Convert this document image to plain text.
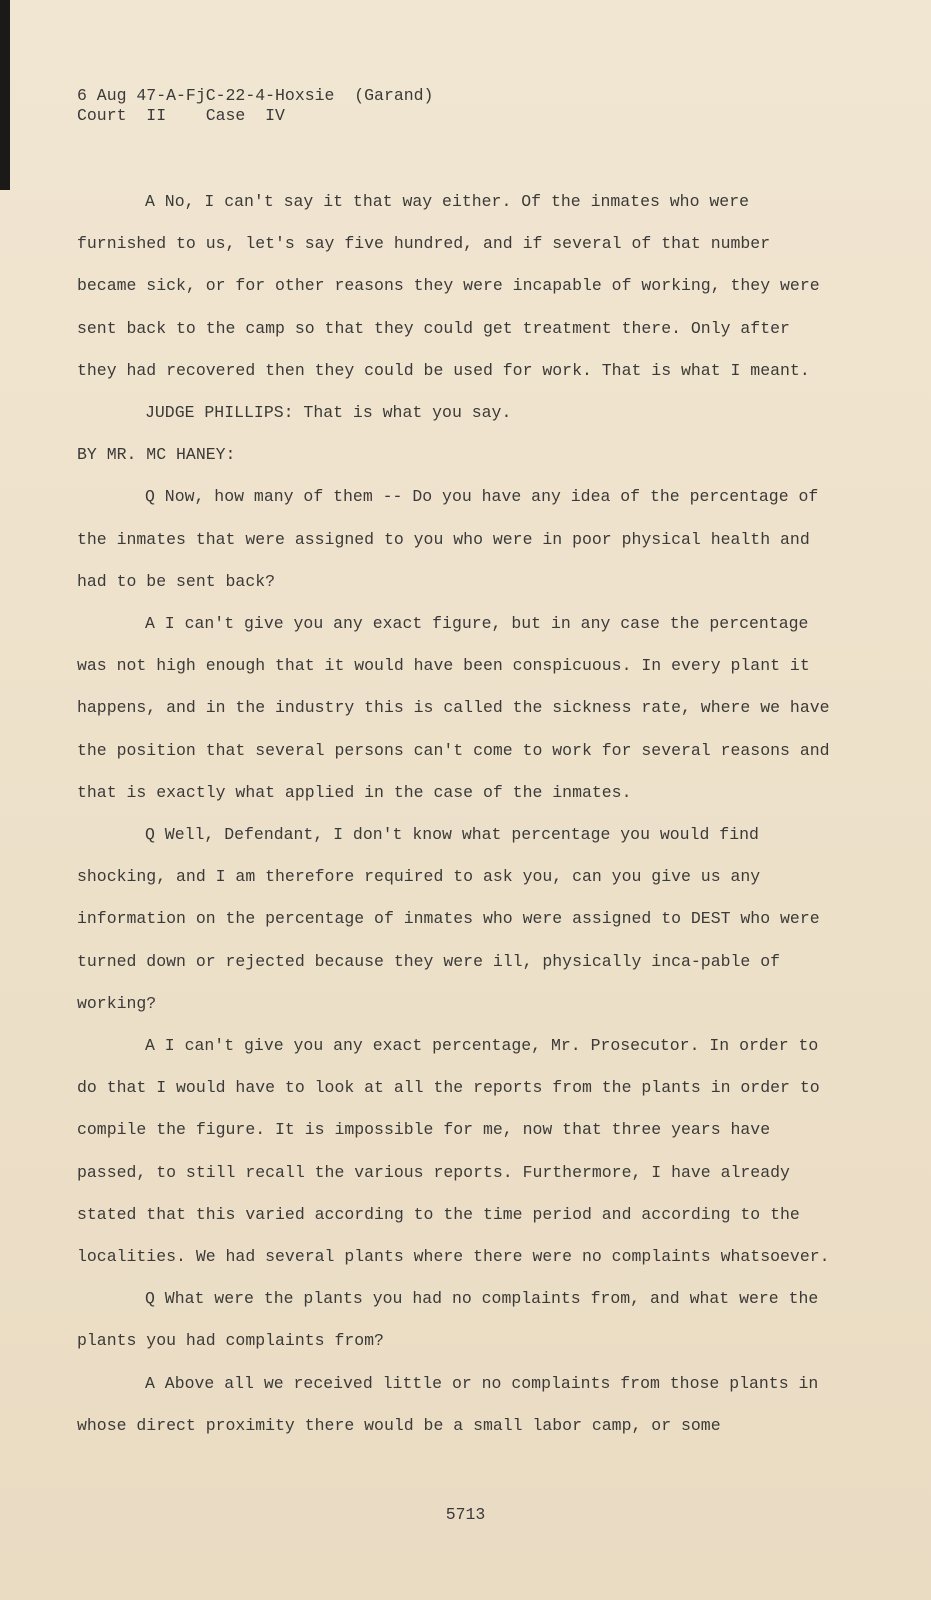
6 Aug 47-A-FjC-22-4-Hoxsie  (Garand)
Court  II    Case  IV

A No, I can't say it that way either. Of the inmates who were furnished to us, let's say five hundred, and if several of that number became sick, or for other reasons they were incapable of working, they were sent back to the camp so that they could get treatment there. Only after they had recovered then they could be used for work. That is what I meant.

JUDGE PHILLIPS: That is what you say.

BY MR. MC HANEY:

Q Now, how many of them -- Do you have any idea of the percentage of the inmates that were assigned to you who were in poor physical health and had to be sent back?

A I can't give you any exact figure, but in any case the percentage was not high enough that it would have been conspicuous. In every plant it happens, and in the industry this is called the sickness rate, where we have the position that several persons can't come to work for several reasons and that is exactly what applied in the case of the inmates.

Q Well, Defendant, I don't know what percentage you would find shocking, and I am therefore required to ask you, can you give us any information on the percentage of inmates who were assigned to DEST who were turned down or rejected because they were ill, physically inca-pable of working?

A I can't give you any exact percentage, Mr. Prosecutor. In order to do that I would have to look at all the reports from the plants in order to compile the figure. It is impossible for me, now that three years have passed, to still recall the various reports. Furthermore, I have already stated that this varied according to the time period and according to the localities. We had several plants where there were no complaints whatsoever.

Q What were the plants you had no complaints from, and what were the plants you had complaints from?

A Above all we received little or no complaints from those plants in whose direct proximity there would be a small labor camp, or some

5713
